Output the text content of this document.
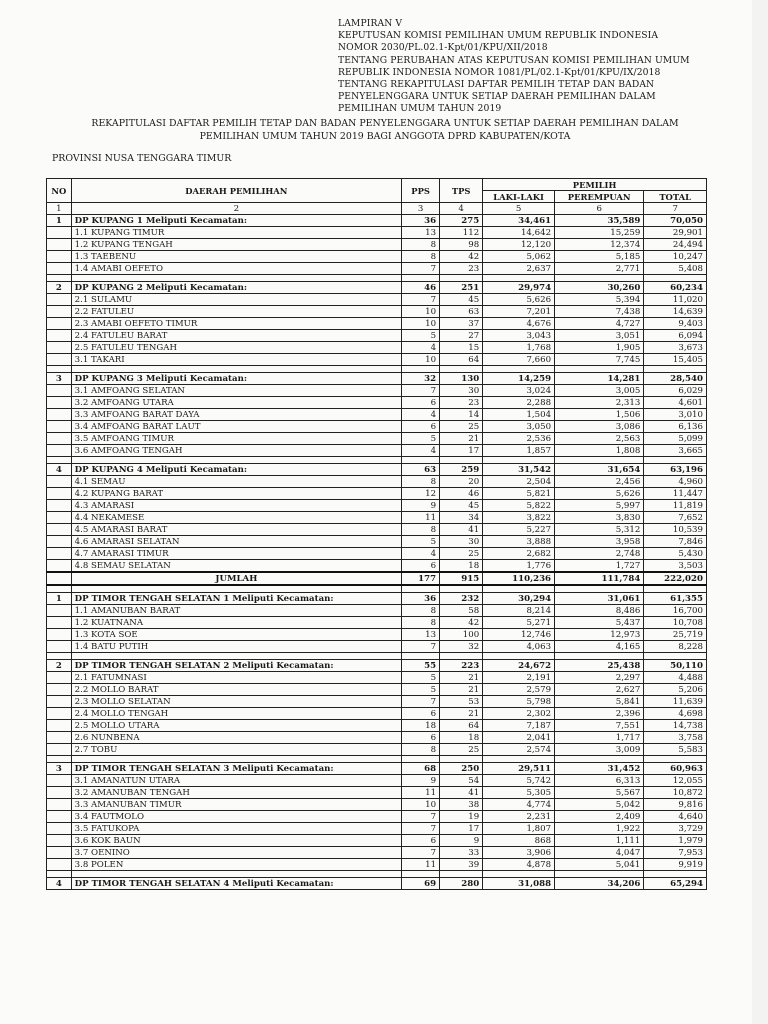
LAMPIRAN V
KEPUTUSAN KOMISI PEMILIHAN UMUM REPUBLIK INDONESIA
NOMOR 2030/PL.02.1-Kpt/01/KPU/XII/2018
TENTANG PERUBAHAN ATAS KEPUTUSAN KOMISI PEMILIHAN UMUM
REPUBLIK INDONESIA NOMOR 1081/PL/02.1-Kpt/01/KPU/IX/2018
TENTANG REKAPITULASI DAFTAR PEMILIH TETAP DAN BADAN
PENYELENGGARA UNTUK SETIAP DAERAH PEMILIHAN DALAM
PEMILIHAN UMUM TAHUN 2019
REKAPITULASI DAFTAR PEMILIH TETAP DAN BADAN PENYELENGGARA UNTUK SETIAP DAERAH PEMILIHAN DALAM
PEMILIHAN UMUM TAHUN 2019 BAGI ANGGOTA DPRD KABUPATEN/KOTA
PROVINSI NUSA TENGGARA TIMUR
NO	DAERAH PEMILIHAN	PPS	TPS	PEMILIH		
				LAKI-LAKI	PEREMPUAN	TOTAL
1	2	3	4	5	6	7
1	DP KUPANG 1 Meliputi Kecamatan:	36	275	34,461	35,589	70,050
	1.1 KUPANG TIMUR	13	112	14,642	15,259	29,901
	1.2 KUPANG TENGAH	8	98	12,120	12,374	24,494
	1.3 TAEBENU	8	42	5,062	5,185	10,247
	1.4 AMABI OEFETO	7	23	2,637	2,771	5,408

2	DP KUPANG 2 Meliputi Kecamatan:	46	251	29,974	30,260	60,234
	2.1 SULAMU	7	45	5,626	5,394	11,020
	2.2 FATULEU	10	63	7,201	7,438	14,639
	2.3 AMABI OEFETO TIMUR	10	37	4,676	4,727	9,403
	2.4 FATULEU BARAT	5	27	3,043	3,051	6,094
	2.5 FATULEU TENGAH	4	15	1,768	1,905	3,673
	3.1 TAKARI	10	64	7,660	7,745	15,405

3	DP KUPANG 3 Meliputi Kecamatan:	32	130	14,259	14,281	28,540
	3.1 AMFOANG SELATAN	7	30	3,024	3,005	6,029
	3.2 AMFOANG UTARA	6	23	2,288	2,313	4,601
	3.3 AMFOANG BARAT DAYA	4	14	1,504	1,506	3,010
	3.4 AMFOANG BARAT LAUT	6	25	3,050	3,086	6,136
	3.5 AMFOANG TIMUR	5	21	2,536	2,563	5,099
	3.6 AMFOANG TENGAH	4	17	1,857	1,808	3,665

4	DP KUPANG 4 Meliputi Kecamatan:	63	259	31,542	31,654	63,196
	4.1 SEMAU	8	20	2,504	2,456	4,960
	4.2 KUPANG BARAT	12	46	5,821	5,626	11,447
	4.3 AMARASI	9	45	5,822	5,997	11,819
	4.4 NEKAMESE	11	34	3,822	3,830	7,652
	4.5 AMARASI BARAT	8	41	5,227	5,312	10,539
	4.6 AMARASI SELATAN	5	30	3,888	3,958	7,846
	4.7 AMARASI TIMUR	4	25	2,682	2,748	5,430
	4.8 SEMAU SELATAN	6	18	1,776	1,727	3,503
	JUMLAH	177	915	110,236	111,784	222,020

1	DP TIMOR TENGAH SELATAN 1 Meliputi Kecamatan:	36	232	30,294	31,061	61,355
	1.1 AMANUBAN BARAT	8	58	8,214	8,486	16,700
	1.2 KUATNANA	8	42	5,271	5,437	10,708
	1.3 KOTA SOE	13	100	12,746	12,973	25,719
	1.4 BATU PUTIH	7	32	4,063	4,165	8,228

2	DP TIMOR TENGAH SELATAN 2 Meliputi Kecamatan:	55	223	24,672	25,438	50,110
	2.1 FATUMNASI	5	21	2,191	2,297	4,488
	2.2 MOLLO BARAT	5	21	2,579	2,627	5,206
	2.3 MOLLO SELATAN	7	53	5,798	5,841	11,639
	2.4 MOLLO TENGAH	6	21	2,302	2,396	4,698
	2.5 MOLLO UTARA	18	64	7,187	7,551	14,738
	2.6 NUNBENA	6	18	2,041	1,717	3,758
	2.7 TOBU	8	25	2,574	3,009	5,583

3	DP TIMOR TENGAH SELATAN 3 Meliputi Kecamatan:	68	250	29,511	31,452	60,963
	3.1 AMANATUN UTARA	9	54	5,742	6,313	12,055
	3.2 AMANUBAN TENGAH	11	41	5,305	5,567	10,872
	3.3 AMANUBAN TIMUR	10	38	4,774	5,042	9,816
	3.4 FAUTMOLO	7	19	2,231	2,409	4,640
	3.5 FATUKOPA	7	17	1,807	1,922	3,729
	3.6 KOK BAUN	6	9	868	1,111	1,979
	3.7 OENINO	7	33	3,906	4,047	7,953
	3.8 POLEN	11	39	4,878	5,041	9,919

4	DP TIMOR TENGAH SELATAN 4 Meliputi Kecamatan:	69	280	31,088	34,206	65,294
